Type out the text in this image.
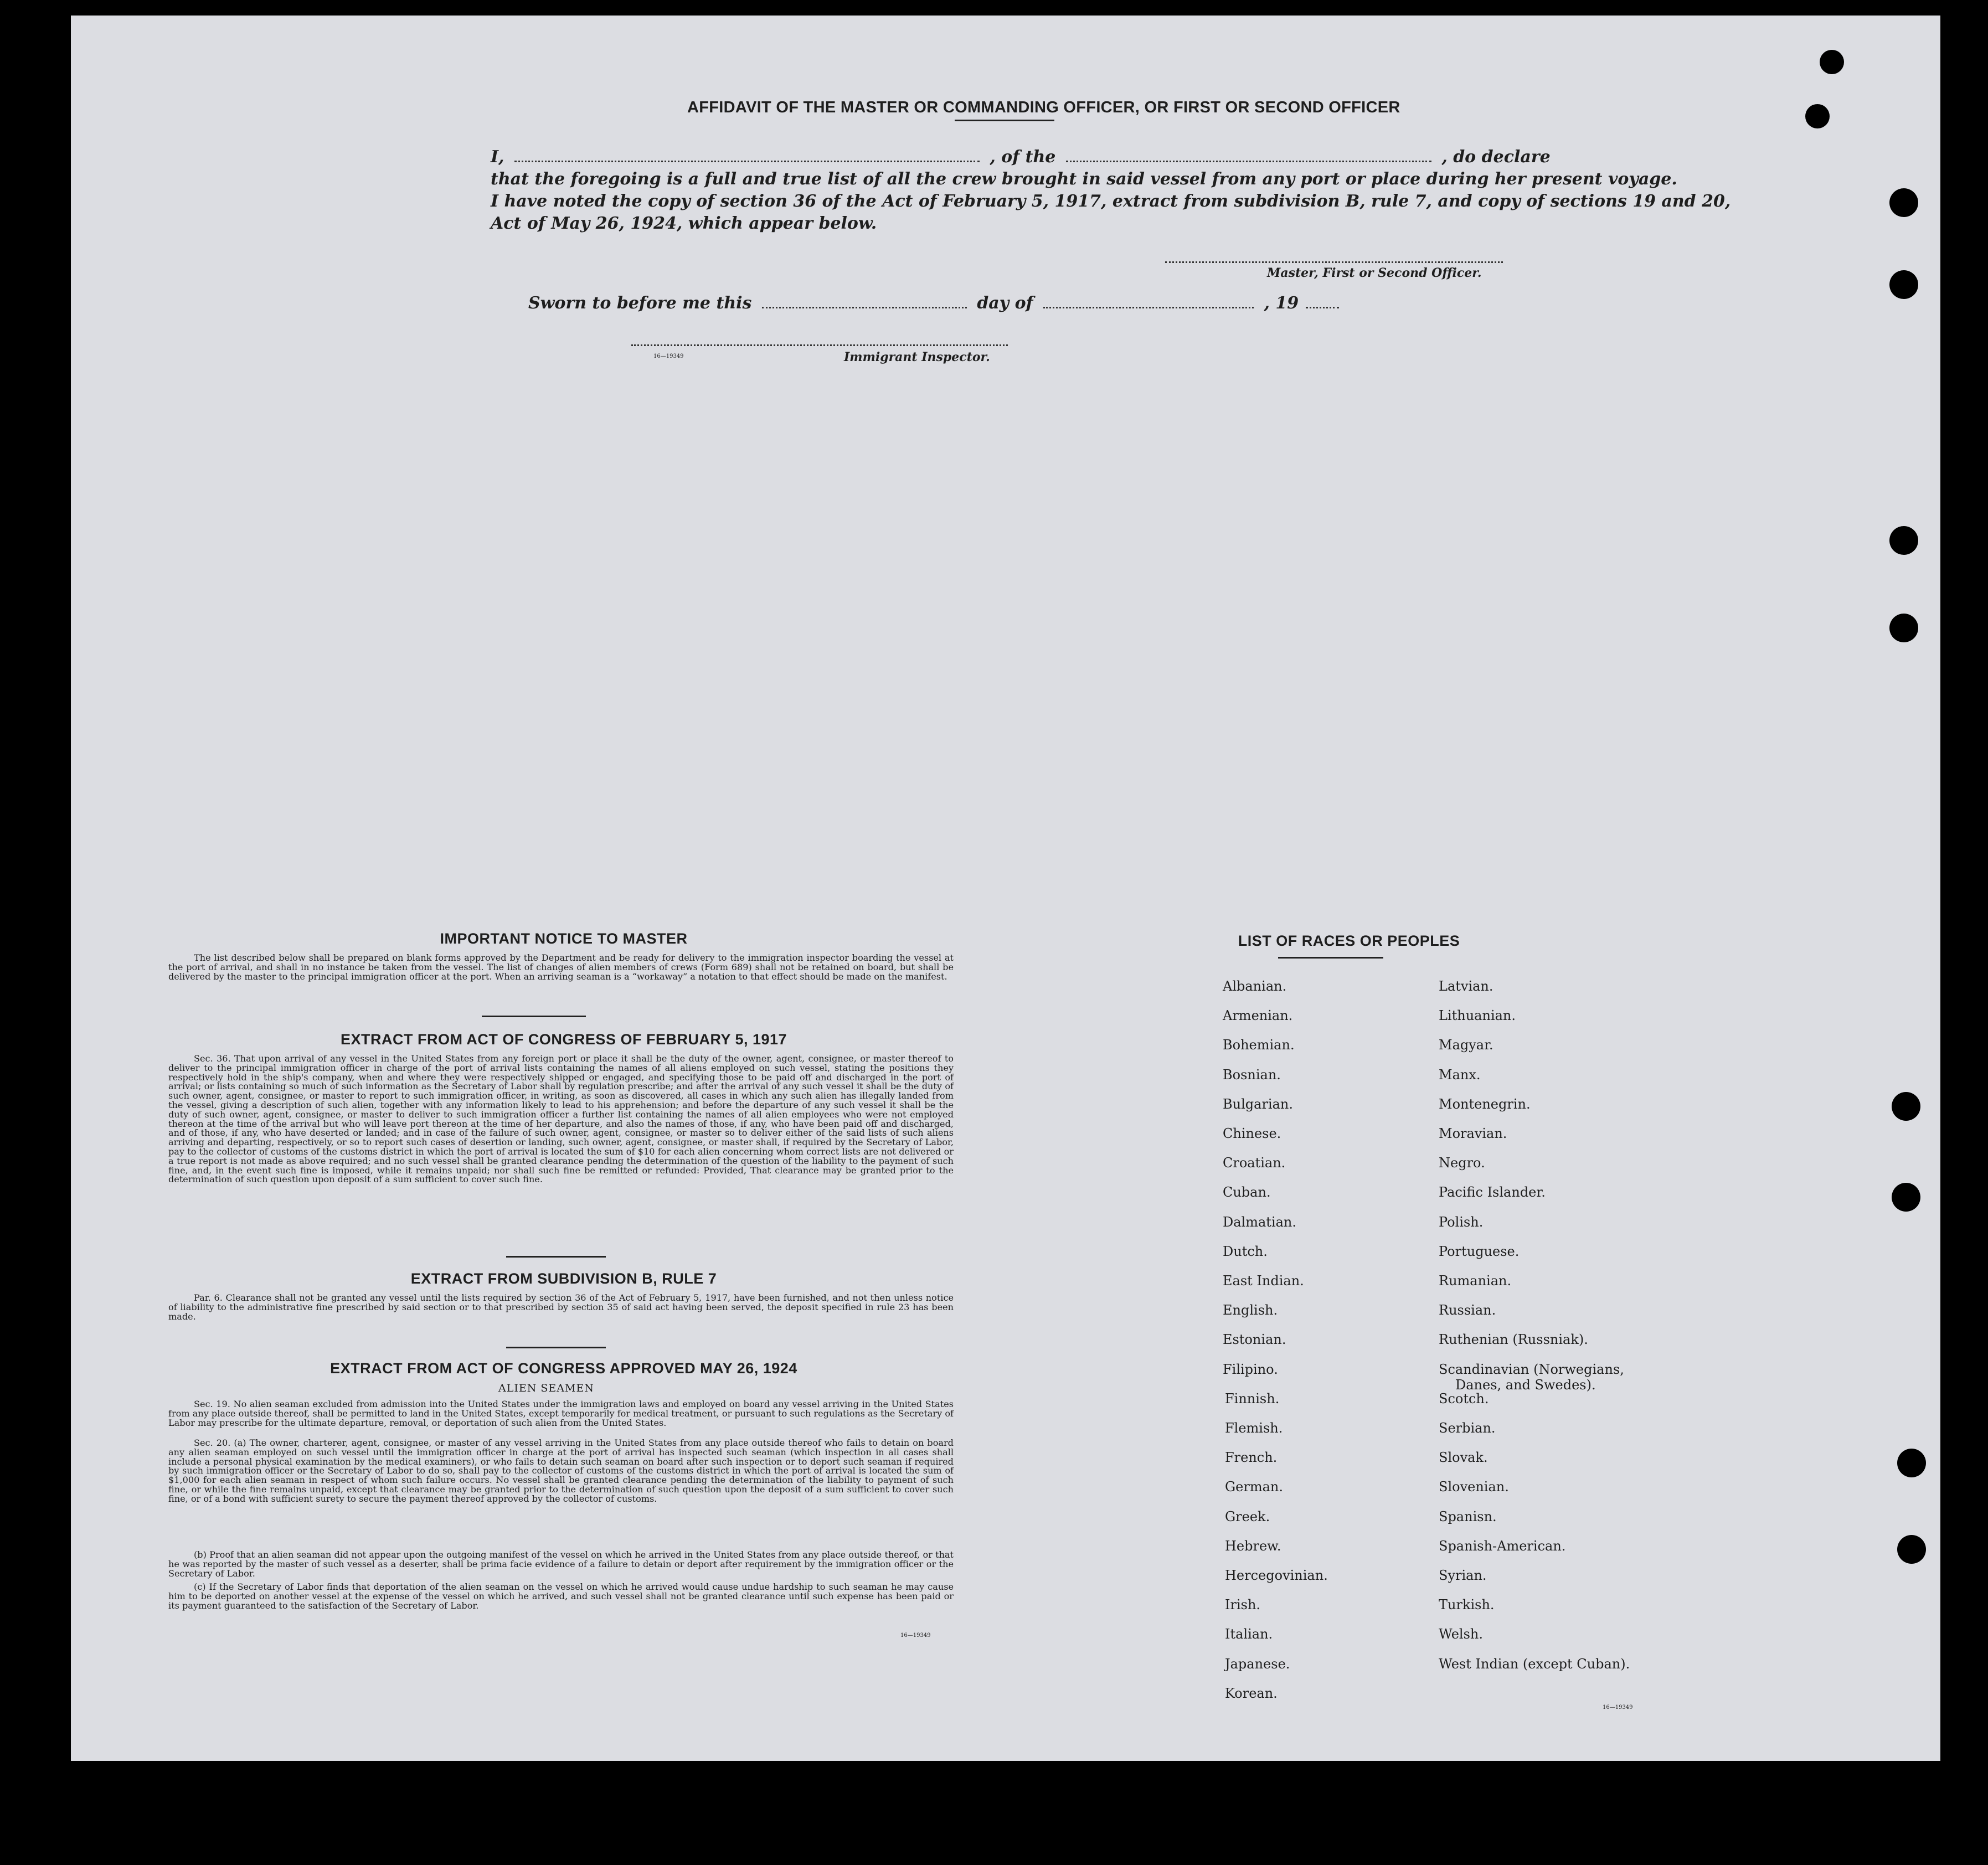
AFFIDAVIT OF THE MASTER OR COMMANDING OFFICER, OR FIRST OR SECOND OFFICER
I,	, of the	, do declare
that the foregoing is a full and true list of all the crew brought in said vessel from any port or place during her present voyage.
I have noted the copy of section 36 of the Act of February 5, 1917, extract from subdivision B, rule 7, and copy of sections 19 and 20,
Act of May 26, 1924, which appear below.
Master, First or Second Officer.
Sworn to before me this	day of	, 19
16—19349	Immigrant Inspector.
IMPORTANT NOTICE TO MASTER
The list described below shall be prepared on blank forms approved by the Department and be ready for delivery to the immigration inspector boarding the vessel at the port of arrival, and shall in no instance be taken from the vessel. The list of changes of alien members of crews (Form 689) shall not be retained on board, but shall be delivered by the master to the principal immigration officer at the port. When an arriving seaman is a “workaway” a notation to that effect should be made on the manifest.
EXTRACT FROM ACT OF CONGRESS OF FEBRUARY 5, 1917
Sec. 36. That upon arrival of any vessel in the United States from any foreign port or place it shall be the duty of the owner, agent, consignee, or master thereof to deliver to the principal immigration officer in charge of the port of arrival lists containing the names of all aliens employed on such vessel, stating the positions they respectively hold in the ship's company, when and where they were respectively shipped or engaged, and specifying those to be paid off and discharged in the port of arrival; or lists containing so much of such information as the Secretary of Labor shall by regulation prescribe; and after the arrival of any such vessel it shall be the duty of such owner, agent, consignee, or master to report to such immigration officer, in writing, as soon as discovered, all cases in which any such alien has illegally landed from the vessel, giving a description of such alien, together with any information likely to lead to his apprehension; and before the departure of any such vessel it shall be the duty of such owner, agent, consignee, or master to deliver to such immigration officer a further list containing the names of all alien employees who were not employed thereon at the time of the arrival but who will leave port thereon at the time of her departure, and also the names of those, if any, who have been paid off and discharged, and of those, if any, who have deserted or landed; and in case of the failure of such owner, agent, consignee, or master so to deliver either of the said lists of such aliens arriving and departing, respectively, or so to report such cases of desertion or landing, such owner, agent, consignee, or master shall, if required by the Secretary of Labor, pay to the collector of customs of the customs district in which the port of arrival is located the sum of $10 for each alien concerning whom correct lists are not delivered or a true report is not made as above required; and no such vessel shall be granted clearance pending the determination of the question of the liability to the payment of such fine, and, in the event such fine is imposed, while it remains unpaid; nor shall such fine be remitted or refunded: Provided, That clearance may be granted prior to the determination of such question upon deposit of a sum sufficient to cover such fine.
EXTRACT FROM SUBDIVISION B, RULE 7
Par. 6. Clearance shall not be granted any vessel until the lists required by section 36 of the Act of February 5, 1917, have been furnished, and not then unless notice of liability to the administrative fine prescribed by said section or to that prescribed by section 35 of said act having been served, the deposit specified in rule 23 has been made.
EXTRACT FROM ACT OF CONGRESS APPROVED MAY 26, 1924
ALIEN SEAMEN
Sec. 19. No alien seaman excluded from admission into the United States under the immigration laws and employed on board any vessel arriving in the United States from any place outside thereof, shall be permitted to land in the United States, except temporarily for medical treatment, or pursuant to such regulations as the Secretary of Labor may prescribe for the ultimate departure, removal, or deportation of such alien from the United States.
Sec. 20. (a) The owner, charterer, agent, consignee, or master of any vessel arriving in the United States from any place outside thereof who fails to detain on board any alien seaman employed on such vessel until the immigration officer in charge at the port of arrival has inspected such seaman (which inspection in all cases shall include a personal physical examination by the medical examiners), or who fails to detain such seaman on board after such inspection or to deport such seaman if required by such immigration officer or the Secretary of Labor to do so, shall pay to the collector of customs of the customs district in which the port of arrival is located the sum of $1,000 for each alien seaman in respect of whom such failure occurs. No vessel shall be granted clearance pending the determination of the liability to payment of such fine, or while the fine remains unpaid, except that clearance may be granted prior to the determination of such question upon the deposit of a sum sufficient to cover such fine, or of a bond with sufficient surety to secure the payment thereof approved by the collector of customs.
(b) Proof that an alien seaman did not appear upon the outgoing manifest of the vessel on which he arrived in the United States from any place outside thereof, or that he was reported by the master of such vessel as a deserter, shall be prima facie evidence of a failure to detain or deport after requirement by the immigration officer or the Secretary of Labor.
(c) If the Secretary of Labor finds that deportation of the alien seaman on the vessel on which he arrived would cause undue hardship to such seaman he may cause him to be deported on another vessel at the expense of the vessel on which he arrived, and such vessel shall not be granted clearance until such expense has been paid or its payment guaranteed to the satisfaction of the Secretary of Labor.
16—19349
LIST OF RACES OR PEOPLES
16—19349
Albanian.
Armenian.
Bohemian.
Bosnian.
Bulgarian.
Chinese.
Croatian.
Cuban.
Dalmatian.
Dutch.
East Indian.
English.
Estonian.
Filipino.
Finnish.
Flemish.
French.
German.
Greek.
Hebrew.
Hercegovinian.
Irish.
Italian.
Japanese.
Korean.
Latvian.
Lithuanian.
Magyar.
Manx.
Montenegrin.
Moravian.
Negro.
Pacific Islander.
Polish.
Portuguese.
Rumanian.
Russian.
Ruthenian (Russniak).
Scandinavian (Norwegians,
Danes, and Swedes).
Scotch.
Serbian.
Slovak.
Slovenian.
Spanisn.
Spanish-American.
Syrian.
Turkish.
Welsh.
West Indian (except Cuban).
